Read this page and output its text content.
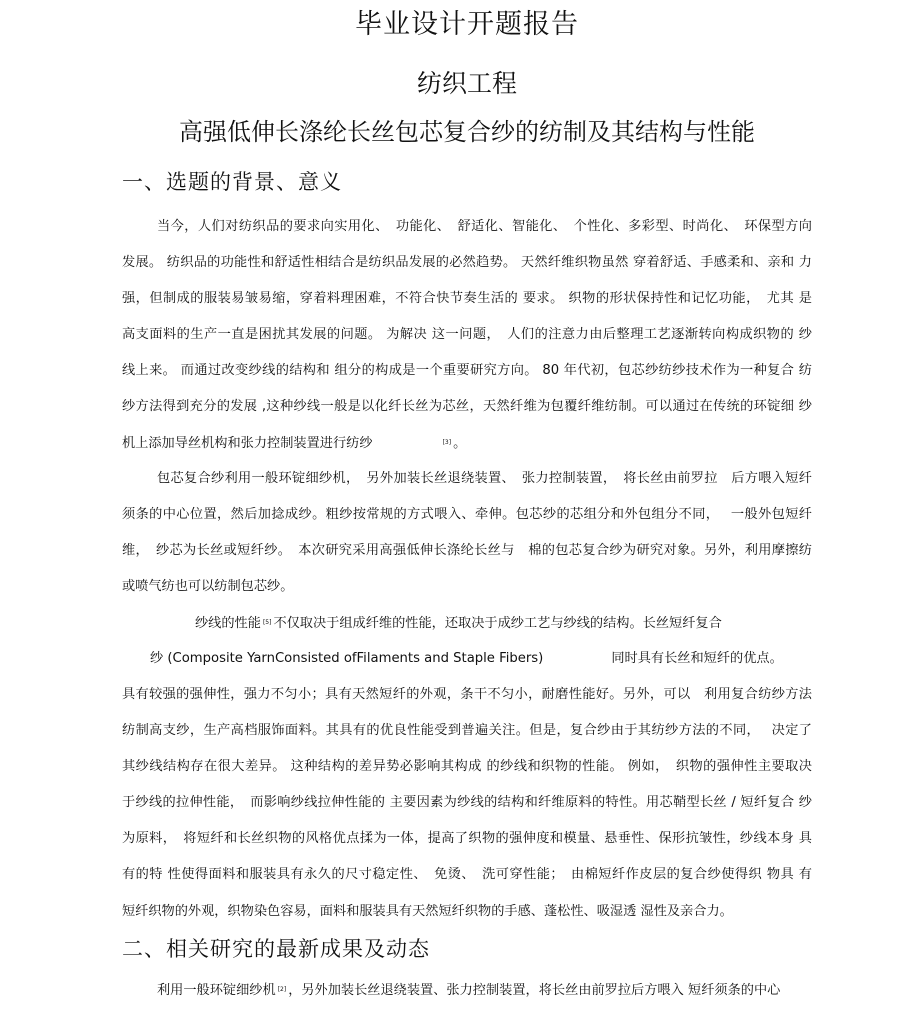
毕业设计开题报告
纺织工程
高强低伸长涤纶长丝包芯复合纱的纺制及其结构与性能
一、选题的背景、意义
当今，人们对纺织品的要求向实用化、　功能化、　舒适化、智能化、　个性化、多彩型、时尚化、　环保型方向
发展。 纺织品的功能性和舒适性相结合是纺织品发展的必然趋势。 天然纤维织物虽然 穿着舒适、手感柔和、亲和 力
强，但制成的服装易皱易缩，穿着料理困难，不符合快节奏生活的 要求。 织物的形状保持性和记忆功能，　尤其 是
高支面料的生产一直是困扰其发展的问题。 为解决 这一问题，　人们的注意力由后整理工艺逐渐转向构成织物的 纱
线上来。 而通过改变纱线的结构和 组分的构成是一个重要研究方向。 80 年代初，包芯纱纺纱技术作为一种复合 纺
纱方法得到充分的发展 ,这种纱线一般是以化纤长丝为芯丝，天然纤维为包覆纤维纺制。可以通过在传统的环锭细 纱
机上添加导丝机构和张力控制装置进行纺纱	[3] 。
包芯复合纱利用一般环锭细纱机，　另外加装长丝退绕装置、　张力控制装置，　将长丝由前罗拉　后方喂入短纤
须条的中心位置，然后加捻成纱。粗纱按常规的方式喂入、牵伸。包芯纱的芯组分和外包组分不同，　 一般外包短纤
维，　纱芯为长丝或短纤纱。　本次研究采用高强低伸长涤纶长丝与　棉的包芯复合纱为研究对象。另外，利用摩擦纺
或喷气纺也可以纺制包芯纱。
纱线的性能 [5] 不仅取决于组成纤维的性能，还取决于成纱工艺与纱线的结构。长丝短纤复合
纱 (Composite YarnConsisted ofFilaments and Staple Fibers)	同时具有长丝和短纤的优点。
具有较强的强伸性，强力不匀小；具有天然短纤的外观，条干不匀小，耐磨性能好。另外，可以　利用复合纺纱方法
纺制高支纱，生产高档服饰面料。其具有的优良性能受到普遍关注。但是，复合纱由于其纺纱方法的不同，　 决定了
其纱线结构存在很大差异。 这种结构的差异势必影响其构成 的纱线和织物的性能。 例如，　织物的强伸性主要取决
于纱线的拉伸性能，　而影响纱线拉伸性能的 主要因素为纱线的结构和纤维原料的特性。用芯鞘型长丝 / 短纤复合 纱
为原料，　将短纤和长丝织物的风格优点揉为一体，提高了织物的强伸度和模量、悬垂性、保形抗皱性，纱线本身 具
有的特 性使得面料和服装具有永久的尺寸稳定性、　免烫、　洗可穿性能；　由棉短纤作皮层的复合纱使得织 物具 有
短纤织物的外观，织物染色容易，面料和服装具有天然短纤织物的手感、蓬松性、吸湿透 湿性及亲合力。
二、相关研究的最新成果及动态
利用一般环锭细纱机 [2] ，另外加装长丝退绕装置、张力控制装置，将长丝由前罗拉后方喂入 短纤须条的中心
